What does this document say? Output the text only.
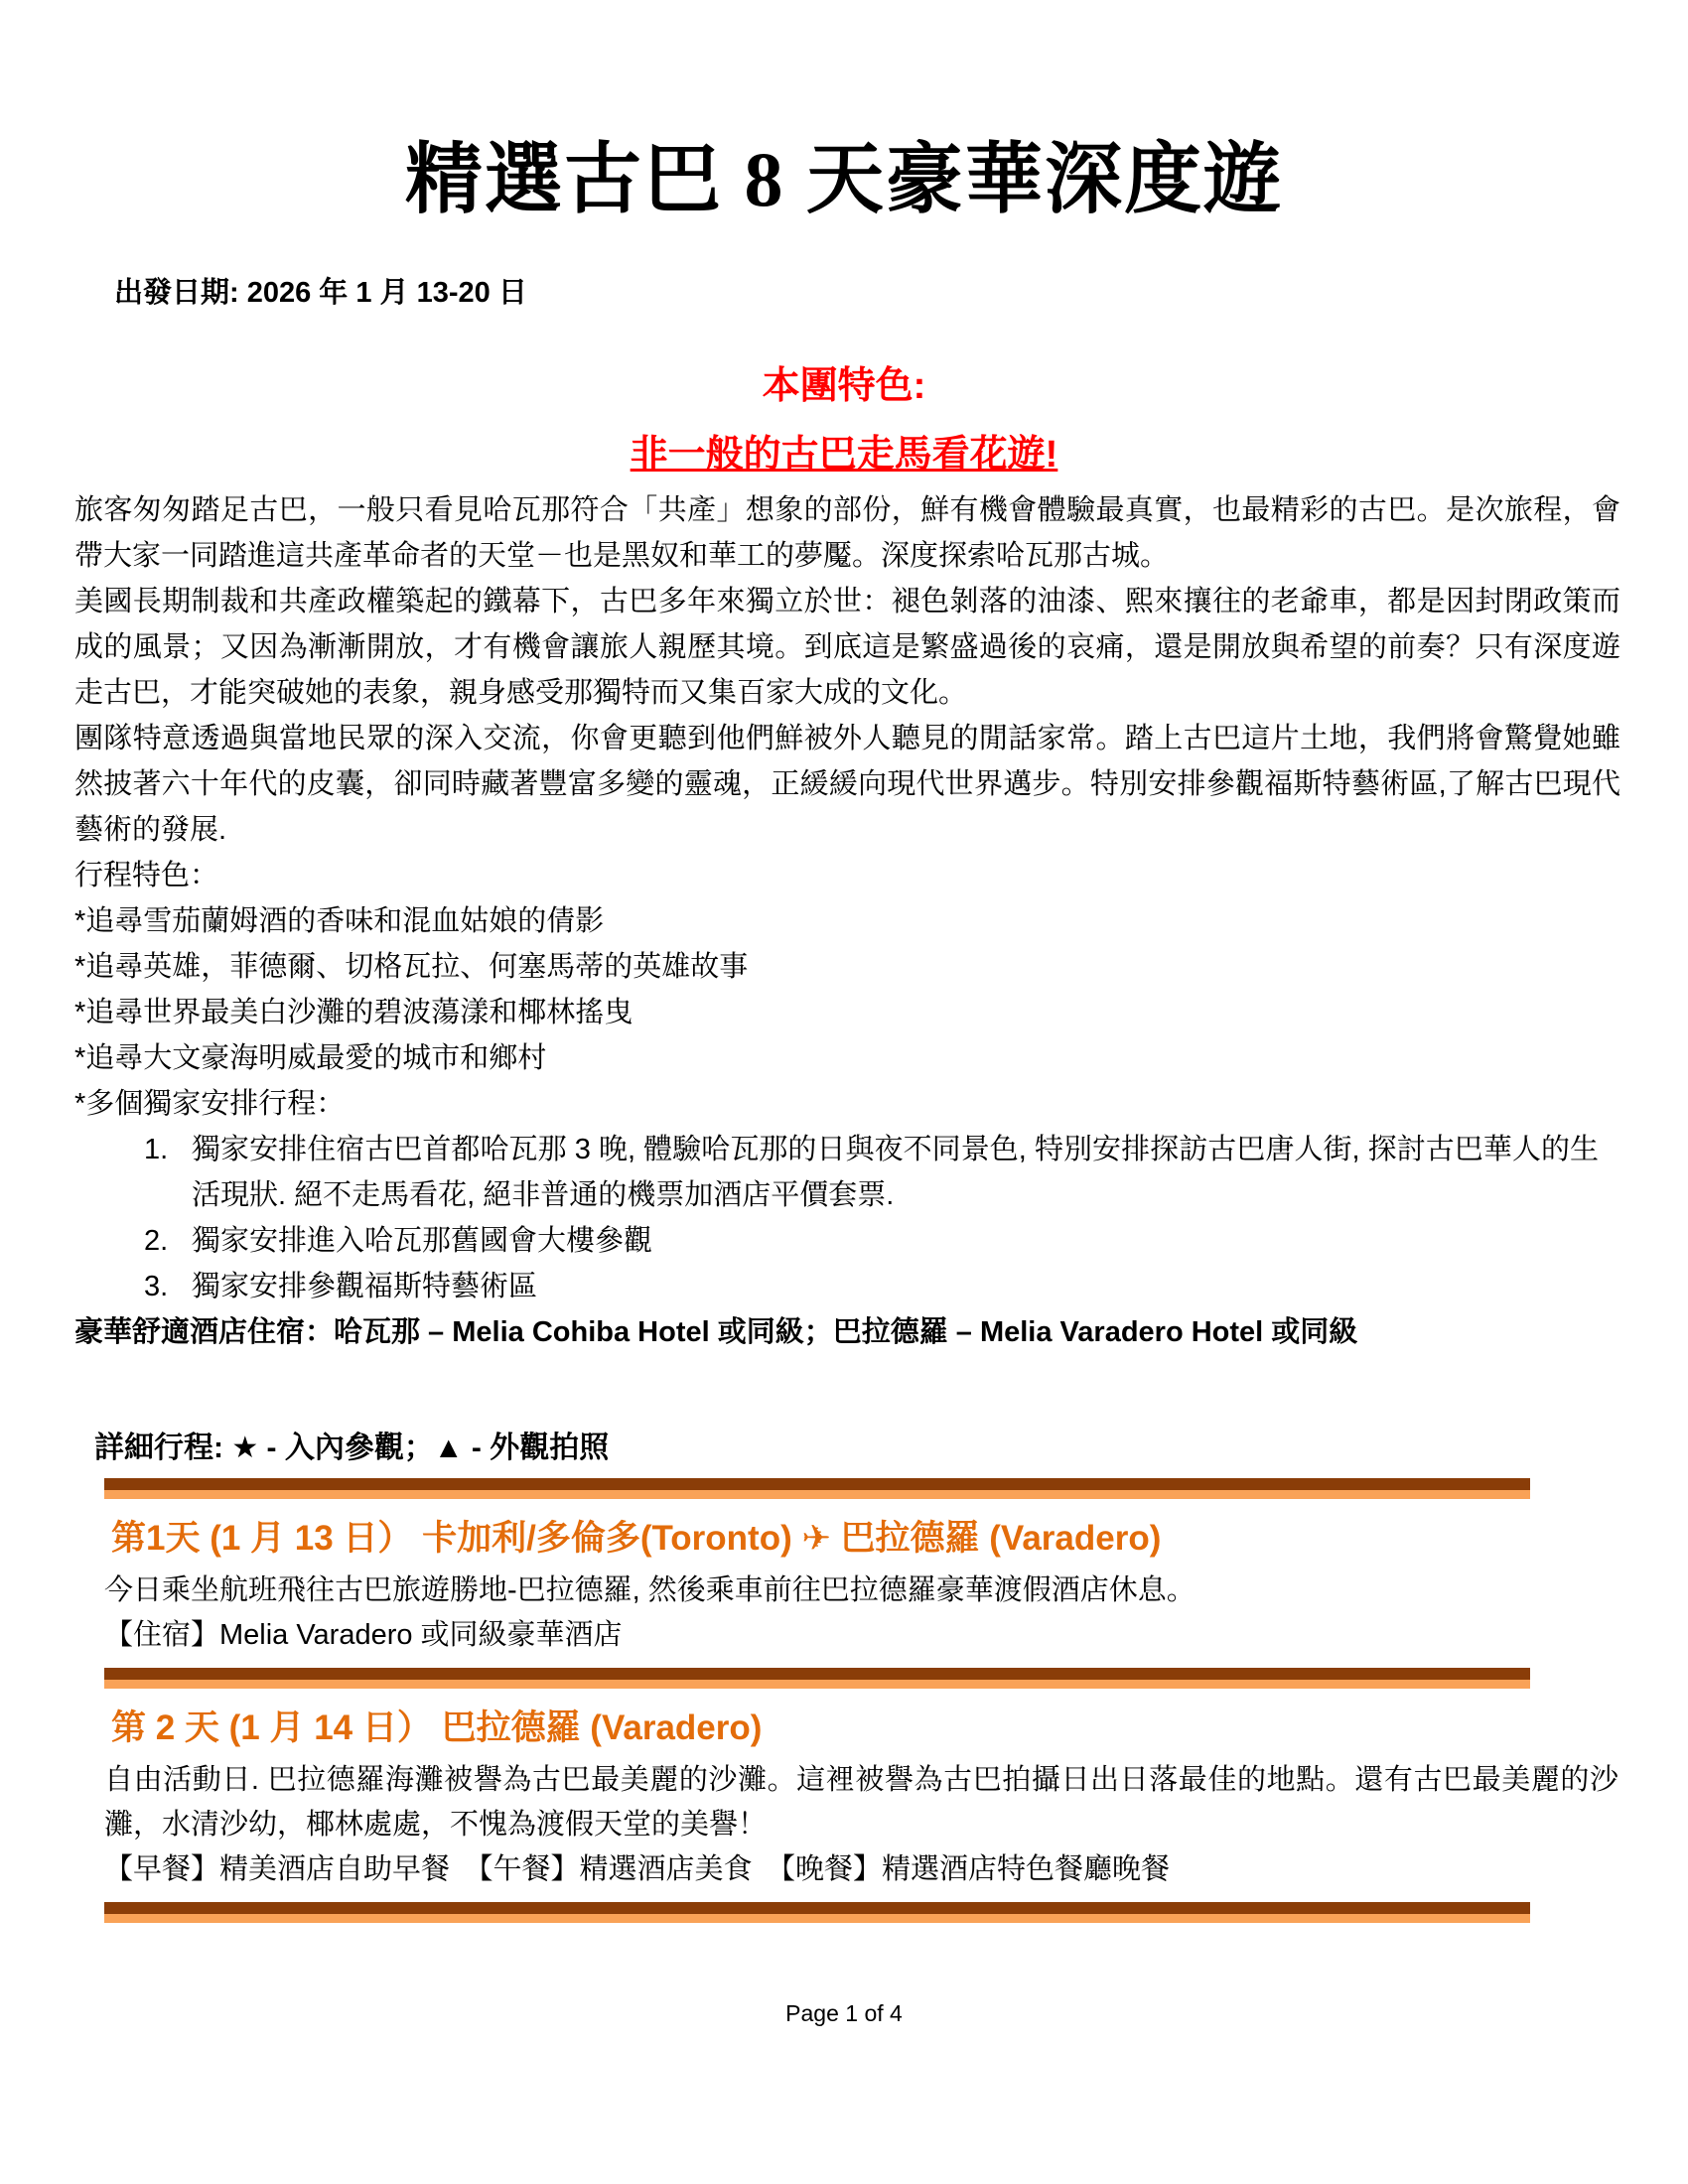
精選古巴 8 天豪華深度遊
出發日期: 2026 年 1 月 13-20 日
本團特色:
非一般的古巴走馬看花遊!

旅客匆匆踏足古巴，一般只看見哈瓦那符合「共產」想象的部份，鮮有機會體驗最真實，也最精彩的古巴。是次旅程，會帶大家一同踏進這共產革命者的天堂－也是黑奴和華工的夢魘。深度探索哈瓦那古城。

美國長期制裁和共產政權築起的鐵幕下，古巴多年來獨立於世：褪色剝落的油漆、熙來攘往的老爺車，都是因封閉政策而成的風景；又因為漸漸開放，才有機會讓旅人親歷其境。到底這是繁盛過後的哀痛，還是開放與希望的前奏？只有深度遊走古巴，才能突破她的表象，親身感受那獨特而又集百家大成的文化。

團隊特意透過與當地民眾的深入交流，你會更聽到他們鮮被外人聽見的閒話家常。踏上古巴這片土地，我們將會驚覺她雖然披著六十年代的皮囊，卻同時藏著豐富多變的靈魂，正緩緩向現代世界邁步。特別安排參觀福斯特藝術區,了解古巴現代藝術的發展.

行程特色：
*追尋雪茄蘭姆酒的香味和混血姑娘的倩影
*追尋英雄，菲德爾、切格瓦拉、何塞馬蒂的英雄故事
*追尋世界最美白沙灘的碧波蕩漾和椰林搖曳
*追尋大文豪海明威最愛的城市和鄉村
*多個獨家安排行程：
1. 獨家安排住宿古巴首都哈瓦那 3 晚, 體驗哈瓦那的日與夜不同景色, 特別安排探訪古巴唐人街, 探討古巴華人的生活現狀. 絕不走馬看花, 絕非普通的機票加酒店平價套票.
2. 獨家安排進入哈瓦那舊國會大樓參觀
3. 獨家安排參觀福斯特藝術區
豪華舒適酒店住宿：哈瓦那 – Melia Cohiba Hotel 或同級；巴拉德羅 – Melia Varadero Hotel 或同級
詳細行程: ★ - 入內參觀；▲ - 外觀拍照
第1天 (1 月 13 日） 卡加利/多倫多(Toronto) ✈ 巴拉德羅 (Varadero)
今日乘坐航班飛往古巴旅遊勝地-巴拉德羅, 然後乘車前往巴拉德羅豪華渡假酒店休息。
【住宿】Melia Varadero 或同級豪華酒店
第 2 天 (1 月 14 日） 巴拉德羅 (Varadero)
自由活動日. 巴拉德羅海灘被譽為古巴最美麗的沙灘。這裡被譽為古巴拍攝日出日落最佳的地點。還有古巴最美麗的沙灘，水清沙幼，椰林處處，不愧為渡假天堂的美譽！
【早餐】精美酒店自助早餐　【午餐】精選酒店美食　【晚餐】精選酒店特色餐廳晚餐
Page 1 of 4
